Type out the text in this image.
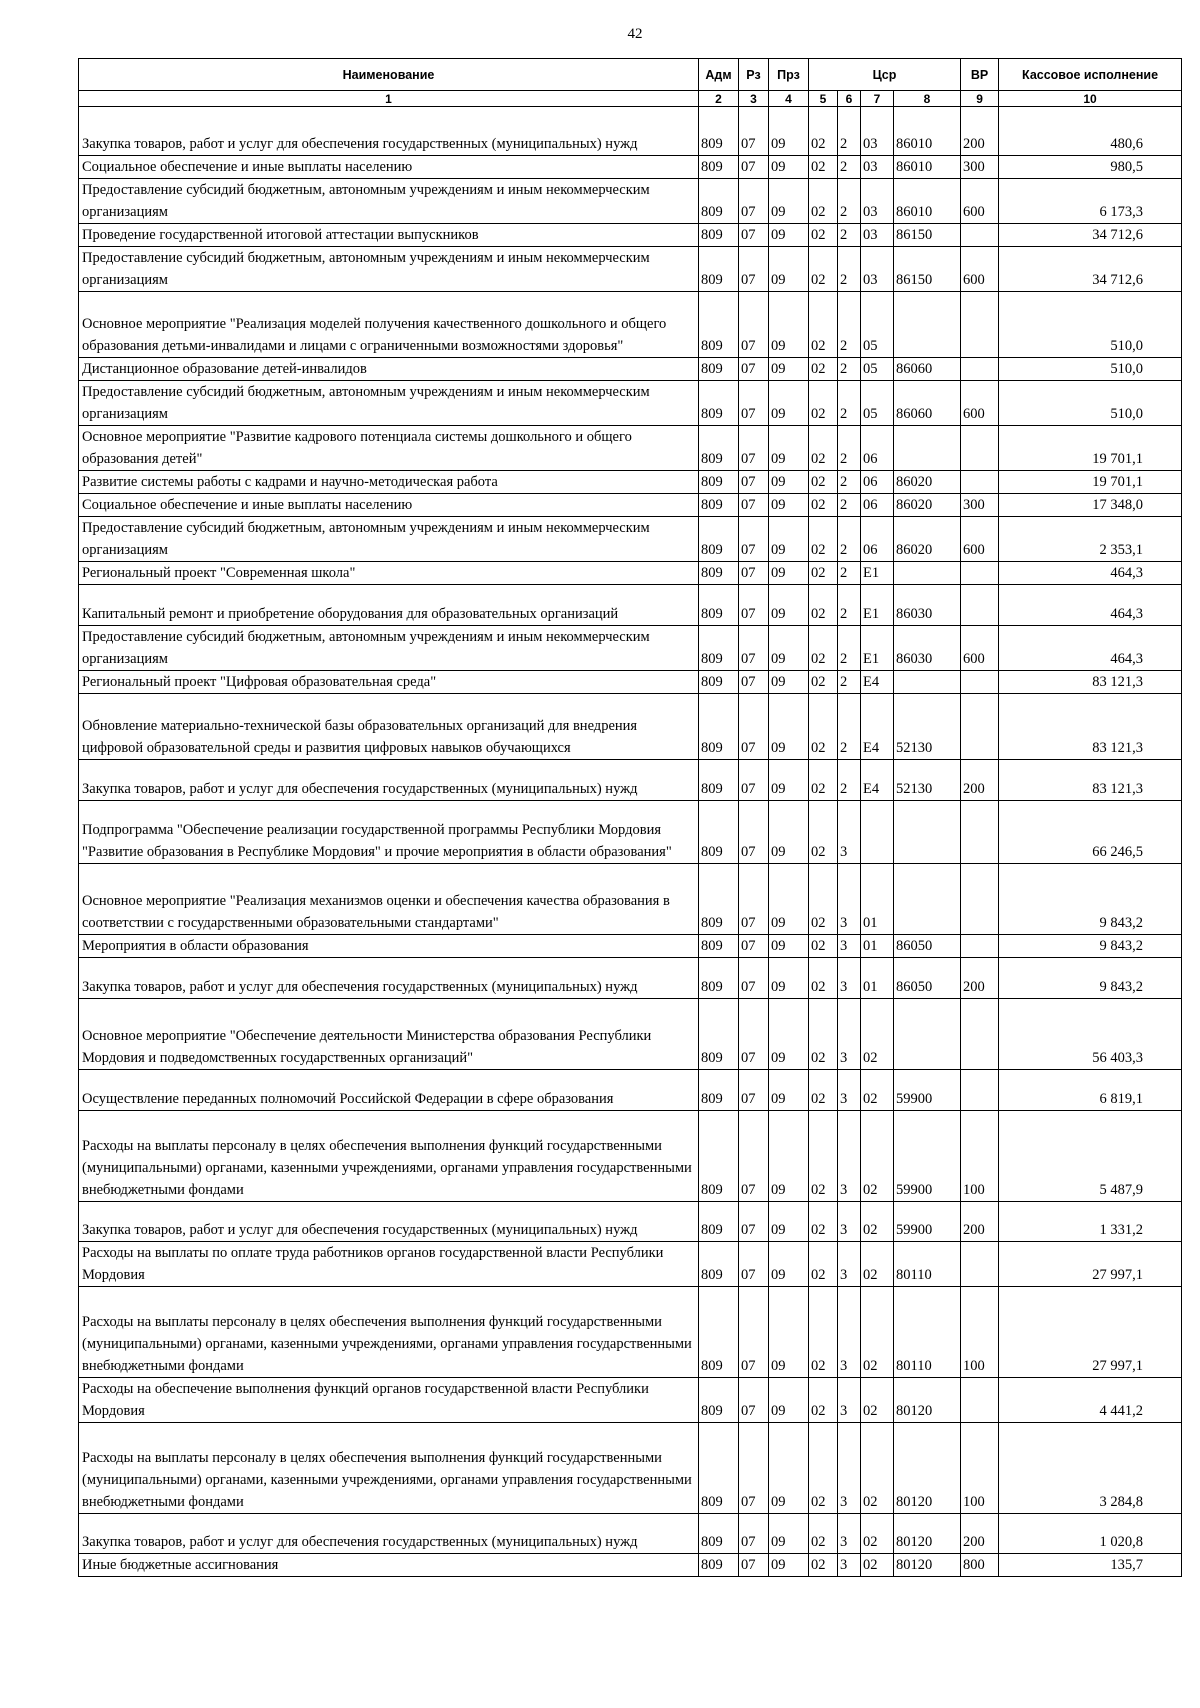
42
Наименование	Адм	Рз	Прз	Цср				ВР	Кассовое исполнение
1	2	3	4	5	6	7	8	9	10
Закупка товаров, работ и услуг для обеспечения государственных (муниципальных) нужд	809	07	09	02	2	03	86010	200	480,6
Социальное обеспечение и иные выплаты населению	809	07	09	02	2	03	86010	300	980,5
Предоставление субсидий бюджетным, автономным учреждениям и иным некоммерческим организациям	809	07	09	02	2	03	86010	600	6 173,3
Проведение государственной итоговой аттестации выпускников	809	07	09	02	2	03	86150		34 712,6
Предоставление субсидий бюджетным, автономным учреждениям и иным некоммерческим организациям	809	07	09	02	2	03	86150	600	34 712,6
Основное мероприятие "Реализация моделей получения качественного дошкольного и общего образования детьми-инвалидами и лицами с ограниченными возможностями здоровья"	809	07	09	02	2	05			510,0
Дистанционное образование детей-инвалидов	809	07	09	02	2	05	86060		510,0
Предоставление субсидий бюджетным, автономным учреждениям и иным некоммерческим организациям	809	07	09	02	2	05	86060	600	510,0
Основное мероприятие "Развитие кадрового потенциала системы дошкольного и общего образования детей"	809	07	09	02	2	06			19 701,1
Развитие системы работы с кадрами и научно-методическая работа	809	07	09	02	2	06	86020		19 701,1
Социальное обеспечение и иные выплаты населению	809	07	09	02	2	06	86020	300	17 348,0
Предоставление субсидий бюджетным, автономным учреждениям и иным некоммерческим организациям	809	07	09	02	2	06	86020	600	2 353,1
Региональный проект "Современная школа"	809	07	09	02	2	E1			464,3
Капитальный ремонт и приобретение оборудования для образовательных организаций	809	07	09	02	2	E1	86030		464,3
Предоставление субсидий бюджетным, автономным учреждениям и иным некоммерческим организациям	809	07	09	02	2	E1	86030	600	464,3
Региональный проект "Цифровая образовательная среда"	809	07	09	02	2	E4			83 121,3
Обновление материально-технической базы образовательных организаций для внедрения цифровой образовательной среды и развития цифровых навыков обучающихся	809	07	09	02	2	E4	52130		83 121,3
Закупка товаров, работ и услуг для обеспечения государственных (муниципальных) нужд	809	07	09	02	2	E4	52130	200	83 121,3
Подпрограмма "Обеспечение реализации государственной программы Республики Мордовия "Развитие образования в Республике Мордовия" и прочие мероприятия в области образования"	809	07	09	02	3				66 246,5
Основное мероприятие "Реализация механизмов оценки и обеспечения качества образования в соответствии с государственными образовательными стандартами"	809	07	09	02	3	01			9 843,2
Мероприятия в области образования	809	07	09	02	3	01	86050		9 843,2
Закупка товаров, работ и услуг для обеспечения государственных (муниципальных) нужд	809	07	09	02	3	01	86050	200	9 843,2
Основное мероприятие "Обеспечение деятельности Министерства образования Республики Мордовия и подведомственных государственных организаций"	809	07	09	02	3	02			56 403,3
Осуществление переданных полномочий Российской Федерации в сфере образования	809	07	09	02	3	02	59900		6 819,1
Расходы на выплаты персоналу в целях обеспечения выполнения функций государственными (муниципальными) органами, казенными учреждениями, органами управления государственными внебюджетными фондами	809	07	09	02	3	02	59900	100	5 487,9
Закупка товаров, работ и услуг для обеспечения государственных (муниципальных) нужд	809	07	09	02	3	02	59900	200	1 331,2
Расходы на выплаты по оплате труда работников органов государственной власти Республики Мордовия	809	07	09	02	3	02	80110		27 997,1
Расходы на выплаты персоналу в целях обеспечения выполнения функций государственными (муниципальными) органами, казенными учреждениями, органами управления государственными внебюджетными фондами	809	07	09	02	3	02	80110	100	27 997,1
Расходы на обеспечение выполнения функций органов государственной власти Республики Мордовия	809	07	09	02	3	02	80120		4 441,2
Расходы на выплаты персоналу в целях обеспечения выполнения функций государственными (муниципальными) органами, казенными учреждениями, органами управления государственными внебюджетными фондами	809	07	09	02	3	02	80120	100	3 284,8
Закупка товаров, работ и услуг для обеспечения государственных (муниципальных) нужд	809	07	09	02	3	02	80120	200	1 020,8
Иные бюджетные ассигнования	809	07	09	02	3	02	80120	800	135,7
